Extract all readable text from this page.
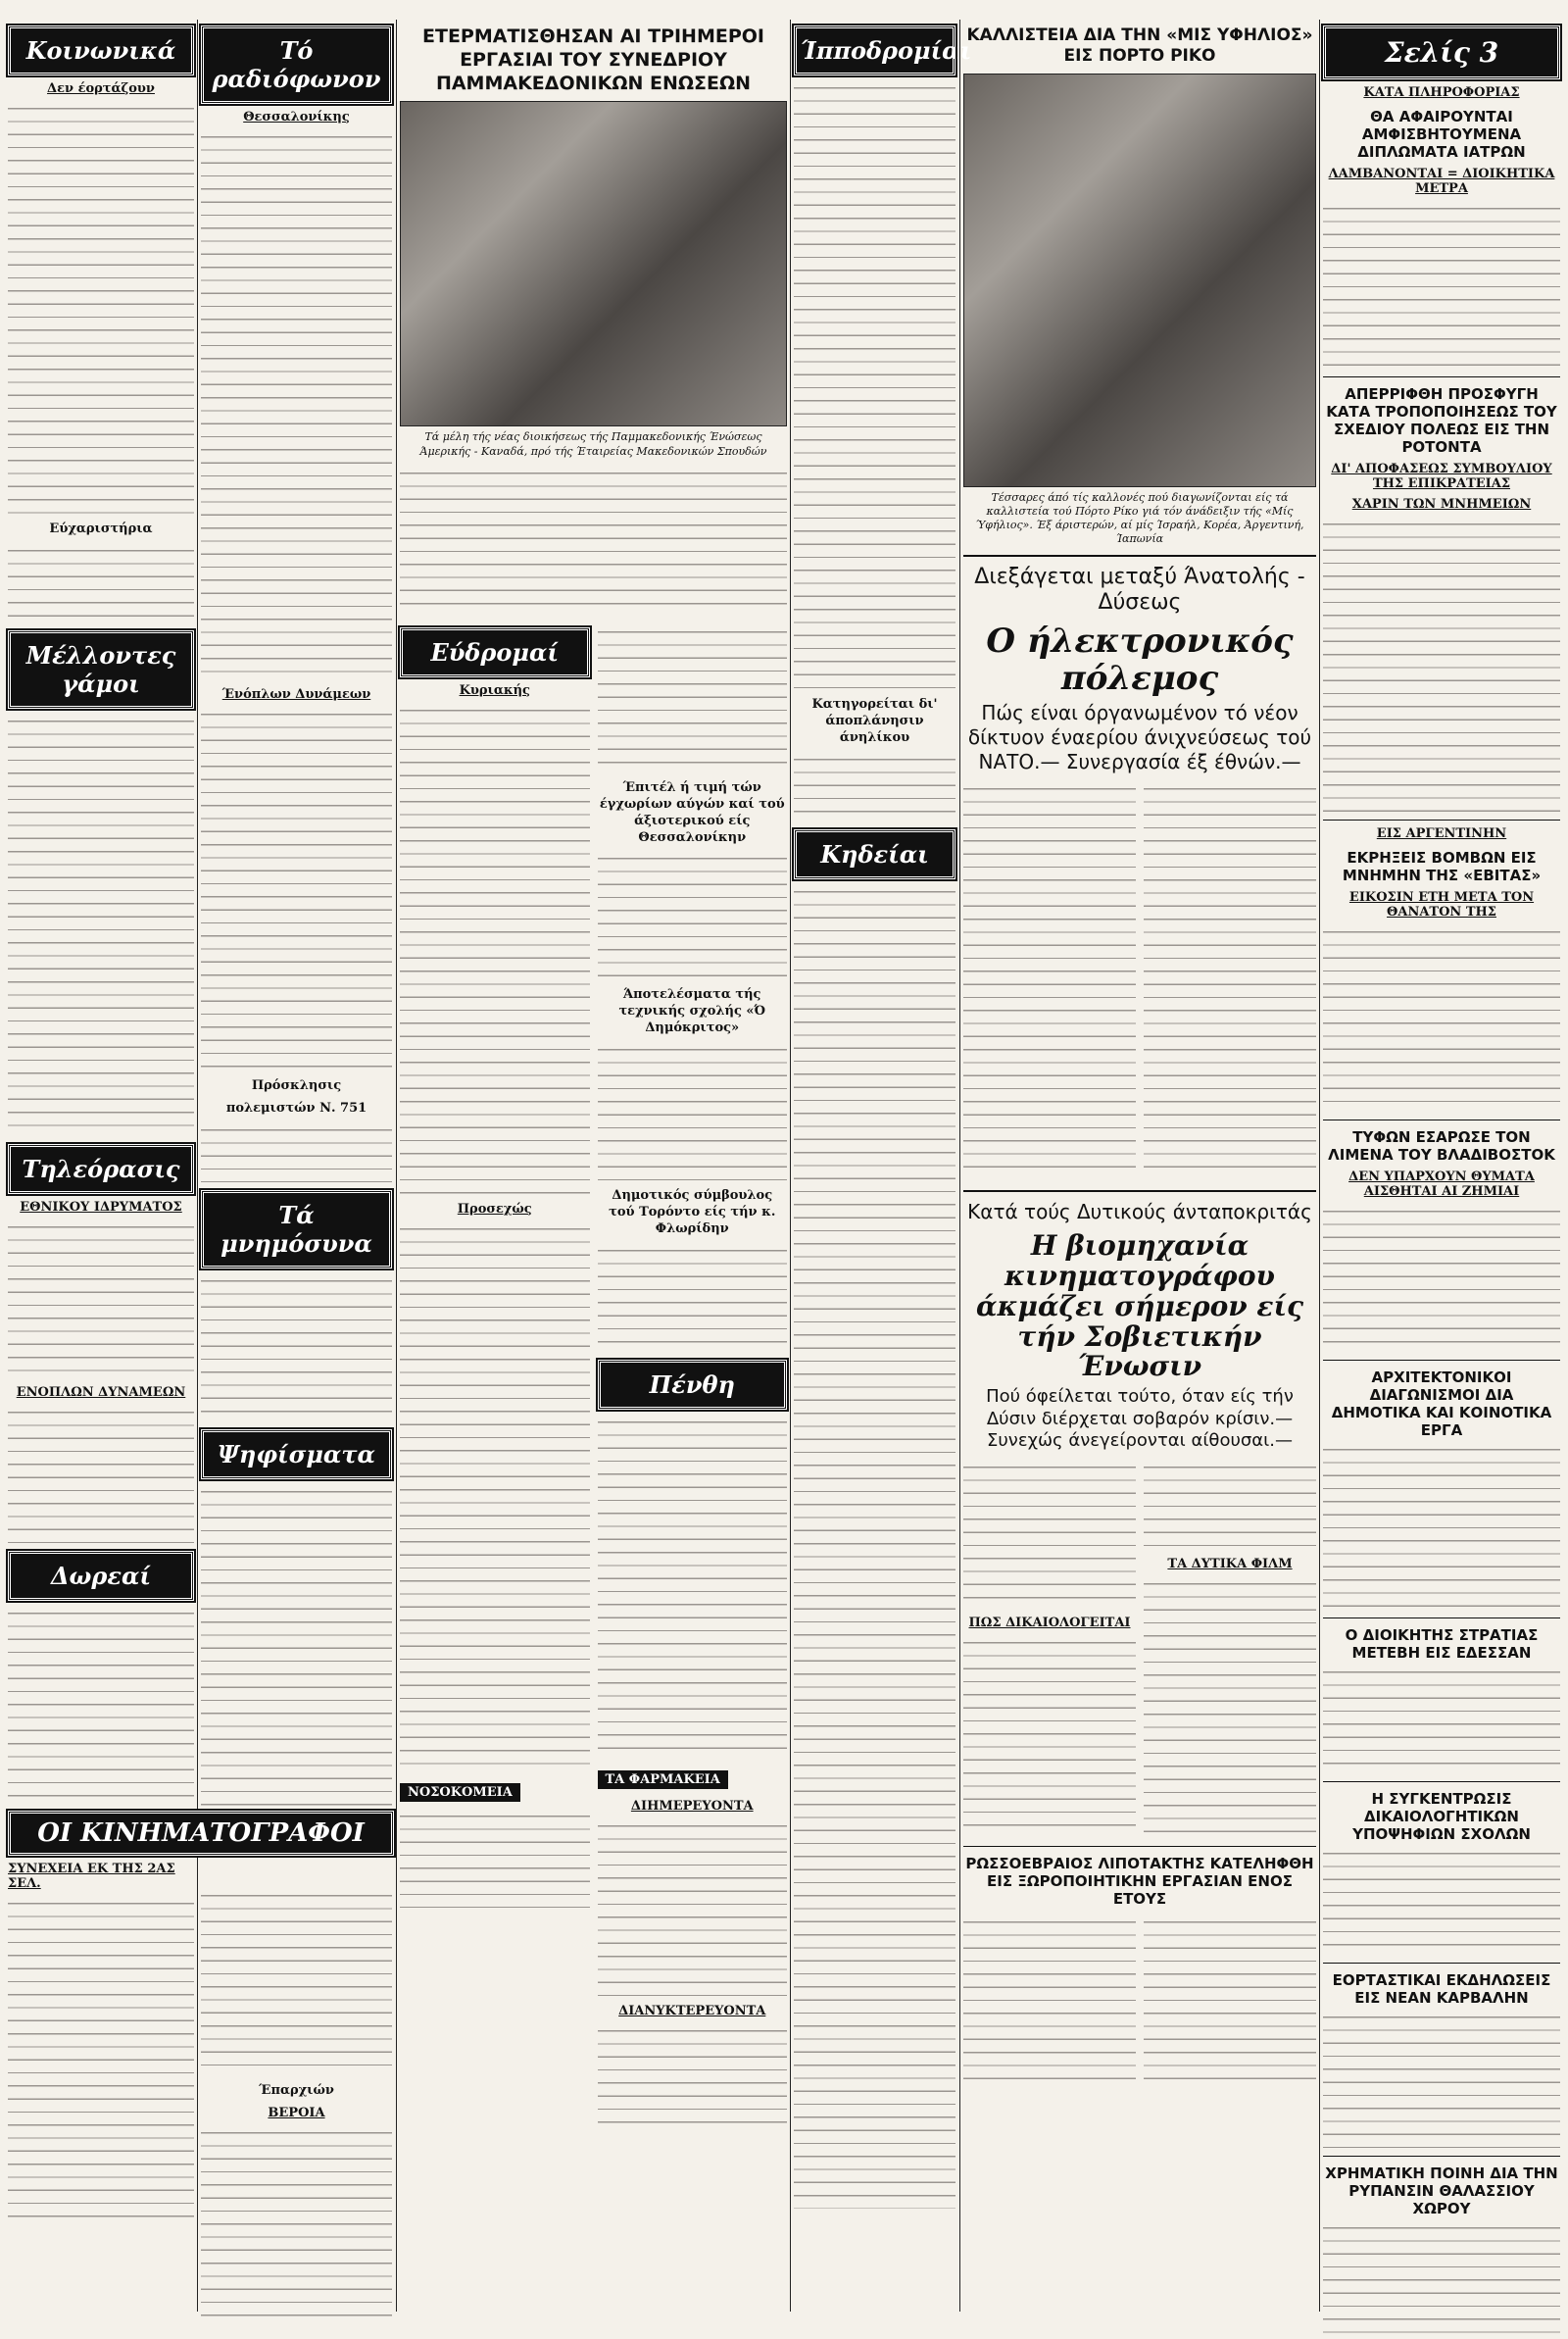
Κοινωνικά
Δεν έορτάζουν
Εύχαριστήρια
Μέλλοντες γάμοι
Τηλεόρασις
ΕΘΝΙΚΟΥ ΙΔΡΥΜΑΤΟΣ
ΕΝΟΠΛΩΝ ΔΥΝΑΜΕΩΝ
Δωρεαί
ΟΙ ΚΙΝΗΜΑΤΟΓΡΑΦΟΙ
ΣΥΝΕΧΕΙΑ ΕΚ ΤΗΣ 2ΑΣ ΣΕΛ.
Τό ραδιόφωνον
Θεσσαλονίκης
Ένόπλων Δυνάμεων
Πρόσκλησις
πολεμιστών Ν. 751
Τά μνημόσυνα
Ψηφίσματα
Έπαρχιών
ΒΕΡΟΙΑ
ΕΤΕΡΜΑΤΙΣΘΗΣΑΝ ΑΙ ΤΡΙΗΜΕΡΟΙ ΕΡΓΑΣΙΑΙ ΤΟΥ ΣΥΝΕΔΡΙΟΥ ΠΑΜΜΑΚΕΔΟΝΙΚΩΝ ΕΝΩΣΕΩΝ
Τά μέλη τής νέας διοικήσεως τής Παμμακεδονικής Ένώσεως Άμερικής - Καναδά, πρό τής Έταιρείας Μακεδονικών Σπουδών
Εύδρομαί
Κυριακής
Προσεχώς
ΝΟΣΟΚΟΜΕΙΑ
Έπιτέλ ή τιμή τών έγχωρίων αύγών καί τού άξιοτερικού είς Θεσσαλονίκην
Άποτελέσματα τής τεχνικής σχολής «Ό Δημόκριτος»
Δημοτικός σύμβουλος τού Τορόντο είς τήν κ. Φλωρίδην
Πένθη
ΤΑ ΦΑΡΜΑΚΕΙΑ
ΔΙΗΜΕΡΕΥΟΝΤΑ
ΔΙΑΝΥΚΤΕΡΕΥΟΝΤΑ
Ίπποδρομίαι
Κατηγορείται δι' άποπλάνησιν άνηλίκου
Κηδείαι
ΚΑΛΛΙΣΤΕΙΑ ΔΙΑ ΤΗΝ «ΜΙΣ ΥΦΗΛΙΟΣ» ΕΙΣ ΠΟΡΤΟ ΡΙΚΟ
Τέσσαρες άπό τίς καλλονές πού διαγωνίζονται είς τά καλλιστεία τού Πόρτο Ρίκο γιά τόν άνάδειξιν τής «Μίς Ύφήλιος». Έξ άριστερών, αί μίς Ίσραήλ, Κορέα, Άργεντινή, Ίαπωνία
Διεξάγεται μεταξύ Άνατολής - Δύσεως
Ο ήλεκτρονικός πόλεμος
Πώς είναι όργανωμένον τό νέον δίκτυον έναερίου άνιχνεύσεως τού ΝΑΤΟ.— Συνεργασία έξ έθνών.—
Κατά τούς Δυτικούς άνταποκριτάς
Η βιομηχανία κινηματογράφου άκμάζει σήμερον είς τήν Σοβιετικήν Ένωσιν
Πού όφείλεται τούτο, όταν είς τήν Δύσιν διέρχεται σοβαρόν κρίσιν.— Συνεχώς άνεγείρονται αίθουσαι.—
ΠΩΣ ΔΙΚΑΙΟΛΟΓΕΙΤΑΙ
ΤΑ ΔΥΤΙΚΑ ΦΙΛΜ
ΡΩΣΣΟΕΒΡΑΙΟΣ ΛΙΠΟΤΑΚΤΗΣ ΚΑΤΕΛΗΦΘΗ ΕΙΣ ΞΩΡΟΠΟΙΗΤΙΚΗΝ ΕΡΓΑΣΙΑΝ ΕΝΟΣ ΕΤΟΥΣ
Σελίς 3
ΚΑΤΑ ΠΛΗΡΟΦΟΡΙΑΣ
ΘΑ ΑΦΑΙΡΟΥΝΤΑΙ ΑΜΦΙΣΒΗΤΟΥΜΕΝΑ ΔΙΠΛΩΜΑΤΑ ΙΑΤΡΩΝ
ΛΑΜΒΑΝΟΝΤΑΙ = ΔΙΟΙΚΗΤΙΚΑ ΜΕΤΡΑ
ΑΠΕΡΡΙΦΘΗ ΠΡΟΣΦΥΓΗ ΚΑΤΑ ΤΡΟΠΟΠΟΙΗΣΕΩΣ ΤΟΥ ΣΧΕΔΙΟΥ ΠΟΛΕΩΣ ΕΙΣ ΤΗΝ ΡΟΤΟΝΤΑ
ΔΙ' ΑΠΟΦΑΣΕΩΣ ΣΥΜΒΟΥΛΙΟΥ ΤΗΣ ΕΠΙΚΡΑΤΕΙΑΣ
ΧΑΡΙΝ ΤΩΝ ΜΝΗΜΕΙΩΝ
ΕΙΣ ΑΡΓΕΝΤΙΝΗΝ
ΕΚΡΗΞΕΙΣ ΒΟΜΒΩΝ ΕΙΣ ΜΝΗΜΗΝ ΤΗΣ «ΕΒΙΤΑΣ»
ΕΙΚΟΣΙΝ ΕΤΗ ΜΕΤΑ ΤΟΝ ΘΑΝΑΤΟΝ ΤΗΣ
ΤΥΦΩΝ ΕΣΑΡΩΣΕ ΤΟΝ ΛΙΜΕΝΑ ΤΟΥ ΒΛΑΔΙΒΟΣΤΟΚ
ΔΕΝ ΥΠΑΡΧΟΥΝ ΘΥΜΑΤΑ ΑΙΣΘΗΤΑΙ ΑΙ ΖΗΜΙΑΙ
ΑΡΧΙΤΕΚΤΟΝΙΚΟΙ ΔΙΑΓΩΝΙΣΜΟΙ ΔΙΑ ΔΗΜΟΤΙΚΑ ΚΑΙ ΚΟΙΝΟΤΙΚΑ ΕΡΓΑ
Ο ΔΙΟΙΚΗΤΗΣ ΣΤΡΑΤΙΑΣ ΜΕΤΕΒΗ ΕΙΣ ΕΔΕΣΣΑΝ
Η ΣΥΓΚΕΝΤΡΩΣΙΣ ΔΙΚΑΙΟΛΟΓΗΤΙΚΩΝ ΥΠΟΨΗΦΙΩΝ ΣΧΟΛΩΝ
ΕΟΡΤΑΣΤΙΚΑΙ ΕΚΔΗΛΩΣΕΙΣ ΕΙΣ ΝΕΑΝ ΚΑΡΒΑΛΗΝ
ΧΡΗΜΑΤΙΚΗ ΠΟΙΝΗ ΔΙΑ ΤΗΝ ΡΥΠΑΝΣΙΝ ΘΑΛΑΣΣΙΟΥ ΧΩΡΟΥ
